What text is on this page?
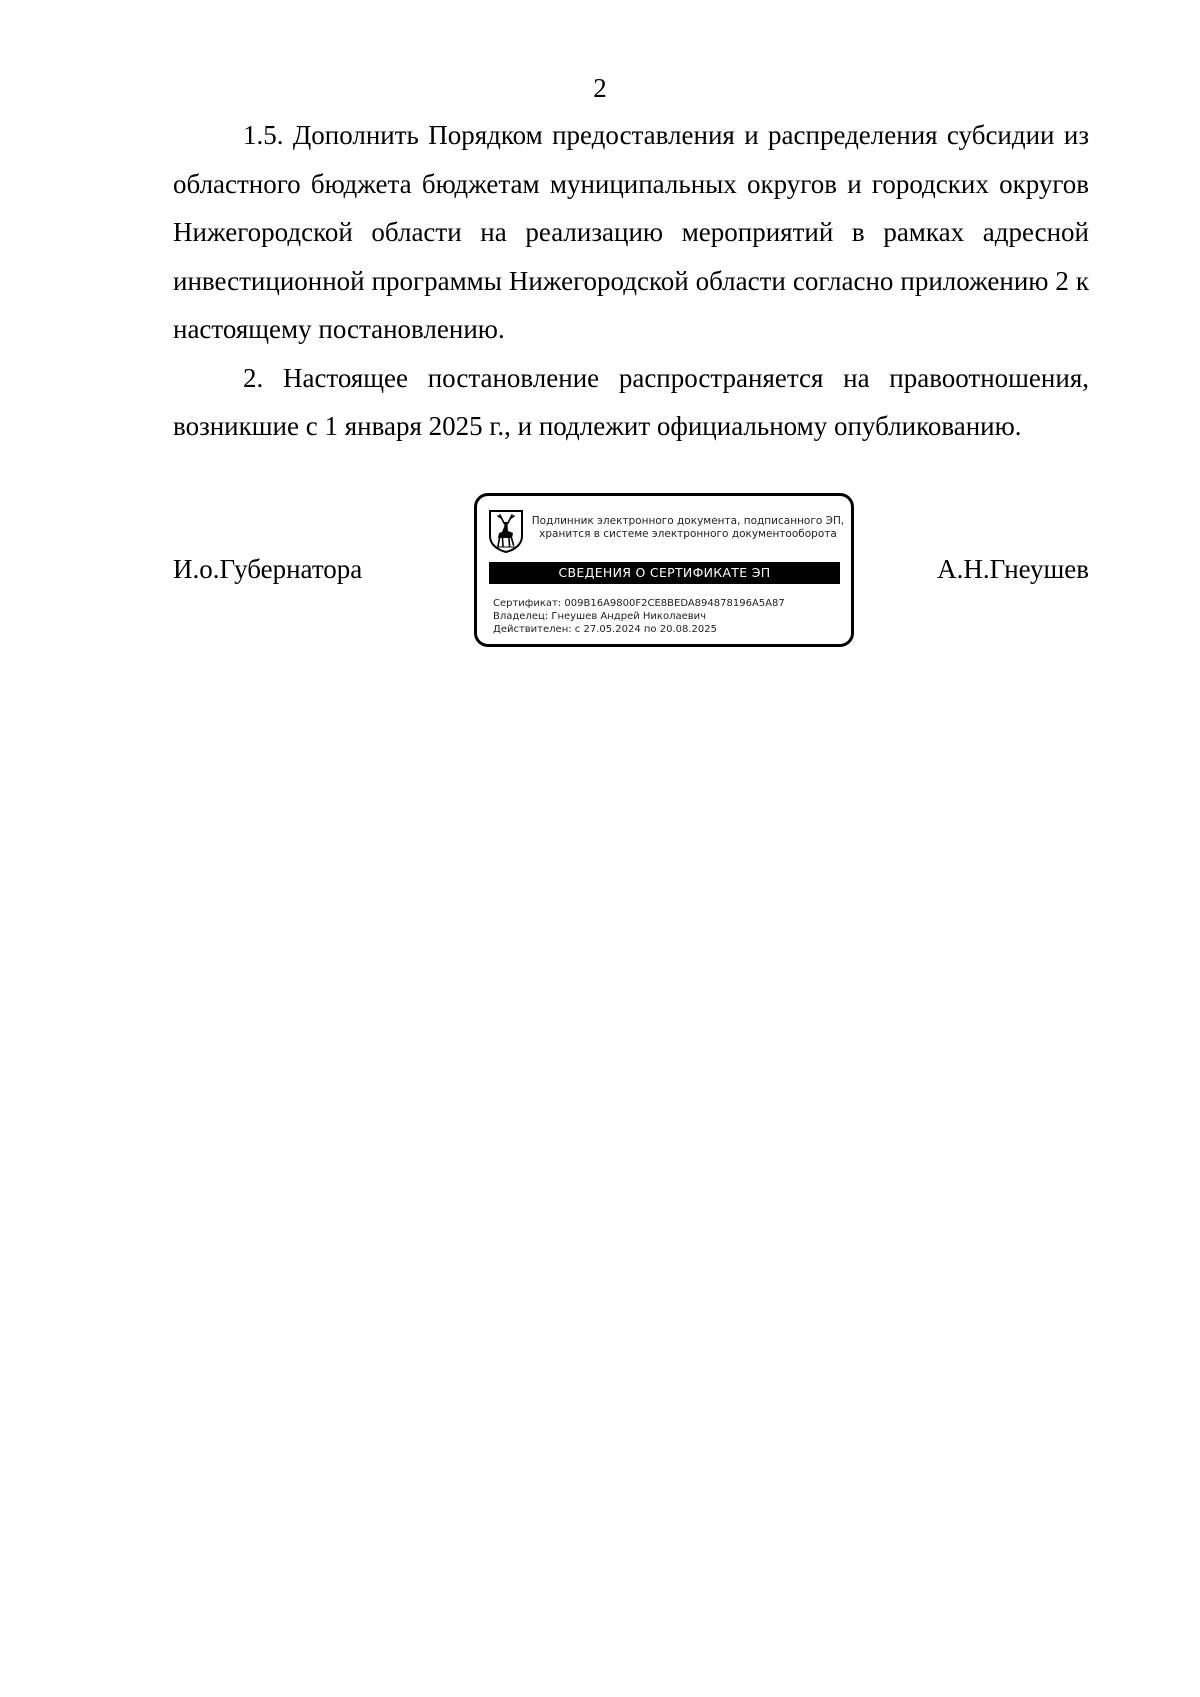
2

1.5. Дополнить Порядком предоставления и распределения субсидии из областного бюджета бюджетам муниципальных округов и городских округов Нижегородской области на реализацию мероприятий в рамках адресной инвестиционной программы Нижегородской области согласно приложению 2 к настоящему постановлению.

2. Настоящее постановление распространяется на правоотношения, возникшие с 1 января 2025 г., и подлежит официальному опубликованию.

И.о.Губернатора
Подлинник электронного документа, подписанного ЭП,
хранится в системе электронного документооборота
СВЕДЕНИЯ О СЕРТИФИКАТЕ ЭП
Сертификат: 009B16A9800F2CE8BEDA894878196A5A87
Владелец: Гнеушев Андрей Николаевич
Действителен: с 27.05.2024 по 20.08.2025
А.Н.Гнеушев
